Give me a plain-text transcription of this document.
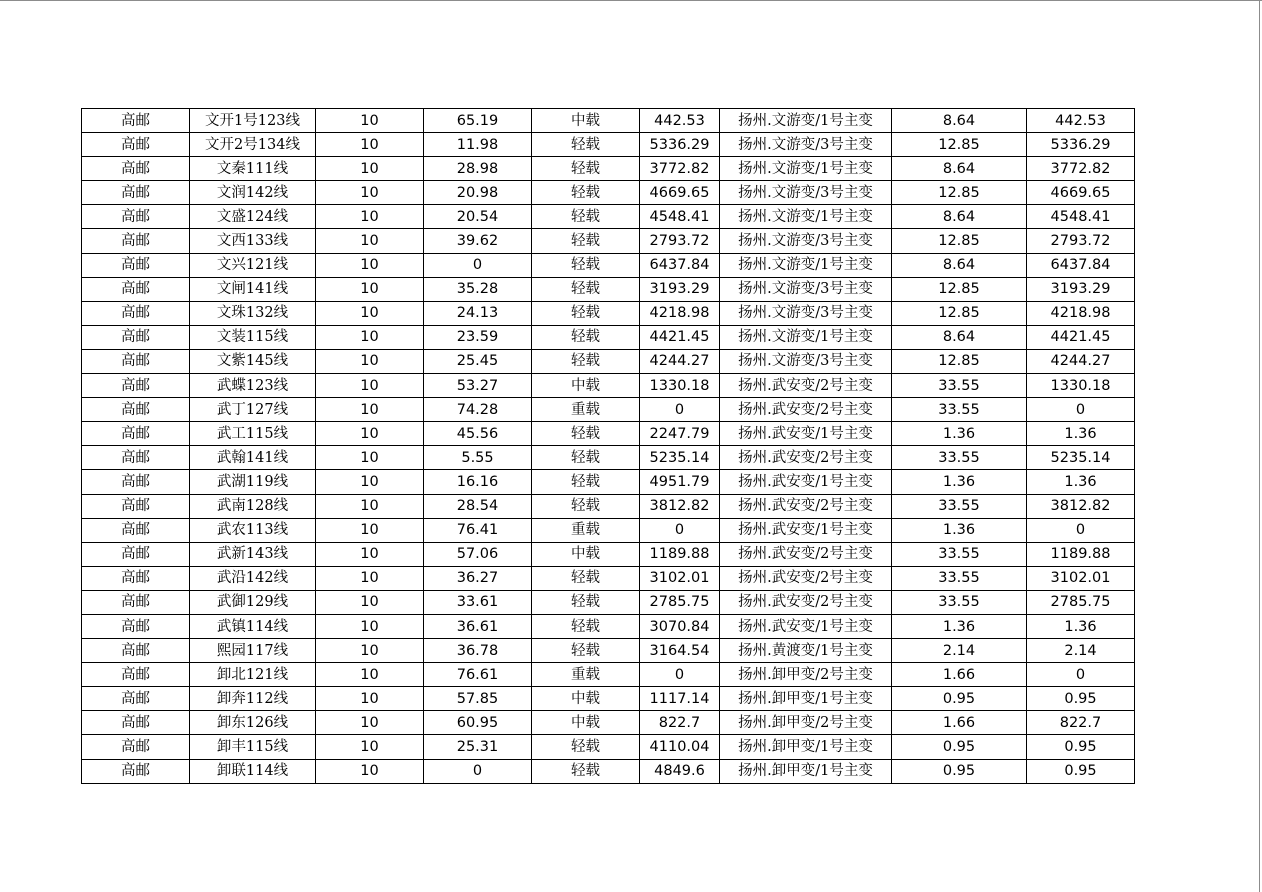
高邮	文开1号123线	10	65.19	中载	442.53	扬州.文游变/1号主变	8.64	442.53
高邮	文开2号134线	10	11.98	轻载	5336.29	扬州.文游变/3号主变	12.85	5336.29
高邮	文秦111线	10	28.98	轻载	3772.82	扬州.文游变/1号主变	8.64	3772.82
高邮	文润142线	10	20.98	轻载	4669.65	扬州.文游变/3号主变	12.85	4669.65
高邮	文盛124线	10	20.54	轻载	4548.41	扬州.文游变/1号主变	8.64	4548.41
高邮	文西133线	10	39.62	轻载	2793.72	扬州.文游变/3号主变	12.85	2793.72
高邮	文兴121线	10	0	轻载	6437.84	扬州.文游变/1号主变	8.64	6437.84
高邮	文闸141线	10	35.28	轻载	3193.29	扬州.文游变/3号主变	12.85	3193.29
高邮	文珠132线	10	24.13	轻载	4218.98	扬州.文游变/3号主变	12.85	4218.98
高邮	文装115线	10	23.59	轻载	4421.45	扬州.文游变/1号主变	8.64	4421.45
高邮	文紫145线	10	25.45	轻载	4244.27	扬州.文游变/3号主变	12.85	4244.27
高邮	武蝶123线	10	53.27	中载	1330.18	扬州.武安变/2号主变	33.55	1330.18
高邮	武丁127线	10	74.28	重载	0	扬州.武安变/2号主变	33.55	0
高邮	武工115线	10	45.56	轻载	2247.79	扬州.武安变/1号主变	1.36	1.36
高邮	武翰141线	10	5.55	轻载	5235.14	扬州.武安变/2号主变	33.55	5235.14
高邮	武湖119线	10	16.16	轻载	4951.79	扬州.武安变/1号主变	1.36	1.36
高邮	武南128线	10	28.54	轻载	3812.82	扬州.武安变/2号主变	33.55	3812.82
高邮	武农113线	10	76.41	重载	0	扬州.武安变/1号主变	1.36	0
高邮	武新143线	10	57.06	中载	1189.88	扬州.武安变/2号主变	33.55	1189.88
高邮	武沿142线	10	36.27	轻载	3102.01	扬州.武安变/2号主变	33.55	3102.01
高邮	武御129线	10	33.61	轻载	2785.75	扬州.武安变/2号主变	33.55	2785.75
高邮	武镇114线	10	36.61	轻载	3070.84	扬州.武安变/1号主变	1.36	1.36
高邮	熙园117线	10	36.78	轻载	3164.54	扬州.黄渡变/1号主变	2.14	2.14
高邮	卸北121线	10	76.61	重载	0	扬州.卸甲变/2号主变	1.66	0
高邮	卸奔112线	10	57.85	中载	1117.14	扬州.卸甲变/1号主变	0.95	0.95
高邮	卸东126线	10	60.95	中载	822.7	扬州.卸甲变/2号主变	1.66	822.7
高邮	卸丰115线	10	25.31	轻载	4110.04	扬州.卸甲变/1号主变	0.95	0.95
高邮	卸联114线	10	0	轻载	4849.6	扬州.卸甲变/1号主变	0.95	0.95
